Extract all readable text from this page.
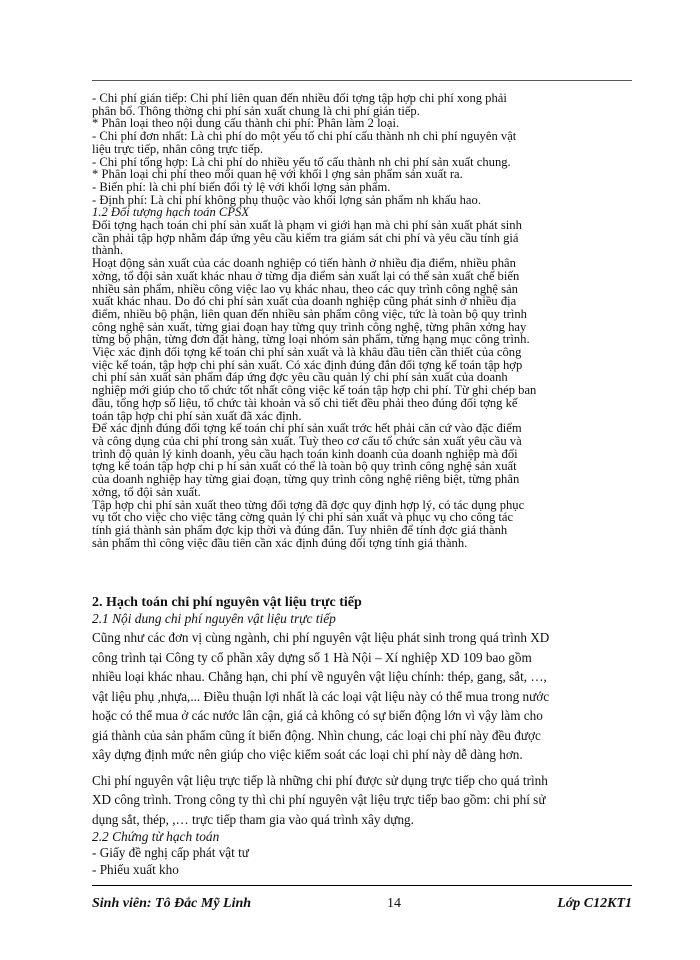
- Chi phí gián tiếp: Chi phí liên quan đến nhiều đối tợng tập hợp chi phí xong phải
phân bổ. Thông thờng chi phí sản xuất chung là chi phí gián tiếp.
* Phân loại theo nội dung cấu thành chi phí: Phân làm 2 loại.
- Chi phí đơn nhất: Là chi phí do một yếu tố chi phí cấu thành nh chi phí nguyên vật
liệu trực tiếp, nhân công trực tiếp.
- Chi phí tổng hợp: Là chi phí do nhiều yếu tố cấu thành nh chi phí sản xuất chung.
* Phân loại chi phí theo mối quan hệ với khối l ợng sản phẩm sản xuất ra.
- Biến phí: là chi phí biến đổi tỷ lệ với khối lợng sản phẩm.
- Định phí: Là chi phí không phụ thuộc vào khối lợng sản phẩm nh khấu hao.
1.2 Đối tượng hạch toán CPSX
Đối tợng hạch toán chi phí sản xuất là phạm vi giới hạn mà chi phí sản xuất phát sinh
cần phải tập hợp nhằm đáp ứng yêu cầu kiểm tra giám sát chi phí và yêu cầu tính giá
thành.
Hoạt động sản xuất của các doanh nghiệp có tiến hành ở nhiều địa điểm, nhiều phân
xởng, tổ đội sản xuất khác nhau ở từng địa điểm sản xuất lại có thể sản xuất chế biến
nhiều sản phẩm, nhiều công việc lao vụ khác nhau, theo các quy trình công nghệ sản
xuất khác nhau. Do đó chi phí sản xuất của doanh nghiệp cũng phát sinh ở nhiều địa
điểm, nhiều bộ phận, liên quan đến nhiều sản phẩm công việc, tức là toàn bộ quy trình
công nghệ sản xuất, từng giai đoạn hay từng quy trình công nghệ, từng phân xởng hay
từng bộ phận, từng đơn đặt hàng, từng loại nhóm sản phẩm, từng hạng mục công trình.
Việc xác định đối tợng kế toán chi phí sản xuất và là khâu đầu tiên cần thiết của công
việc kế toán, tập hợp chi phí sản xuất. Có xác định đúng đắn đối tợng kế toán tập hợp
chi phí sản xuất sản phẩm đáp ứng đợc yêu cầu quản lý chi phí sản xuất của doanh
nghiệp mới giúp cho tổ chức tốt nhất công việc kế toán tập hợp chi phí. Từ ghi chép ban
đầu, tổng hợp số liệu, tổ chức tài khoản và sổ chi tiết đều phải theo đúng đối tợng kế
toán tập hợp chi phí sản xuất đã xác định.
Để xác định đúng đối tợng kế toán chi phí sản xuất trớc hết phải căn cứ vào đặc điểm
và công dụng của chi phí trong sản xuất. Tuỳ theo cơ cấu tổ chức sản xuất yêu cầu và
trình độ quản lý kinh doanh, yêu cầu hạch toán kinh doanh của doanh nghiệp mà đối
tợng kế toán tập hợp chi p hí sản xuất có thể là toàn bộ quy trình công nghệ sản xuất
của doanh nghiệp hay từng giai đoạn, từng quy trình công nghệ riêng biệt, từng phân
xởng, tổ đội sản xuất.
Tập hợp chi phí sản xuất theo từng đối tợng đã đợc quy định hợp lý, có tác dụng phục
vụ tốt cho việc cho việc tăng cờng quản lý chi phí sản xuất và phục vụ cho công tác
tính giá thành sản phẩm đợc kịp thời và đúng đắn. Tuy nhiên để tính đợc giá thành
sản phẩm thì công việc đầu tiên cần xác định đúng đối tợng tính giá thành.
2. Hạch toán chi phí nguyên vật liệu trực tiếp
2.1 Nội dung chi phí nguyên vật liệu trực tiếp

Cũng như các đơn vị cùng ngành, chi phí nguyên vật liệu phát sinh trong quá trình XD
công trình tại Công ty cổ phần xây dựng số 1 Hà Nội – Xí nghiệp XD 109 bao gồm
nhiều loại khác nhau. Chẳng hạn, chi phí về nguyên vật liệu chính: thép, gang, sắt, …,
vật liệu phụ ,nhựa,... Điều thuận lợi nhất là các loại vật liệu này có thể mua trong nước
hoặc có thể mua ở các nước lân cận, giá cả không có sự biến động lớn vì vậy làm cho
giá thành của sản phẩm cũng ít biến động. Nhìn chung, các loại chi phí này đều được
xây dựng định mức nên giúp cho việc kiểm soát các loại chi phí này dễ dàng hơn.

Chi phí nguyên vật liệu trực tiếp là những chi phí được sử dụng trực tiếp cho quá trình
XD công trình. Trong công ty thì chi phí nguyên vật liệu trực tiếp bao gồm: chi phí sử
dụng sắt, thép, ,… trực tiếp tham gia vào quá trình xây dựng.

2.2 Chứng từ hạch toán
- Giấy đề nghị cấp phát vật tư
- Phiếu xuất kho
Sinh viên: Tô Đắc Mỹ Linh	14	Lớp C12KT1
